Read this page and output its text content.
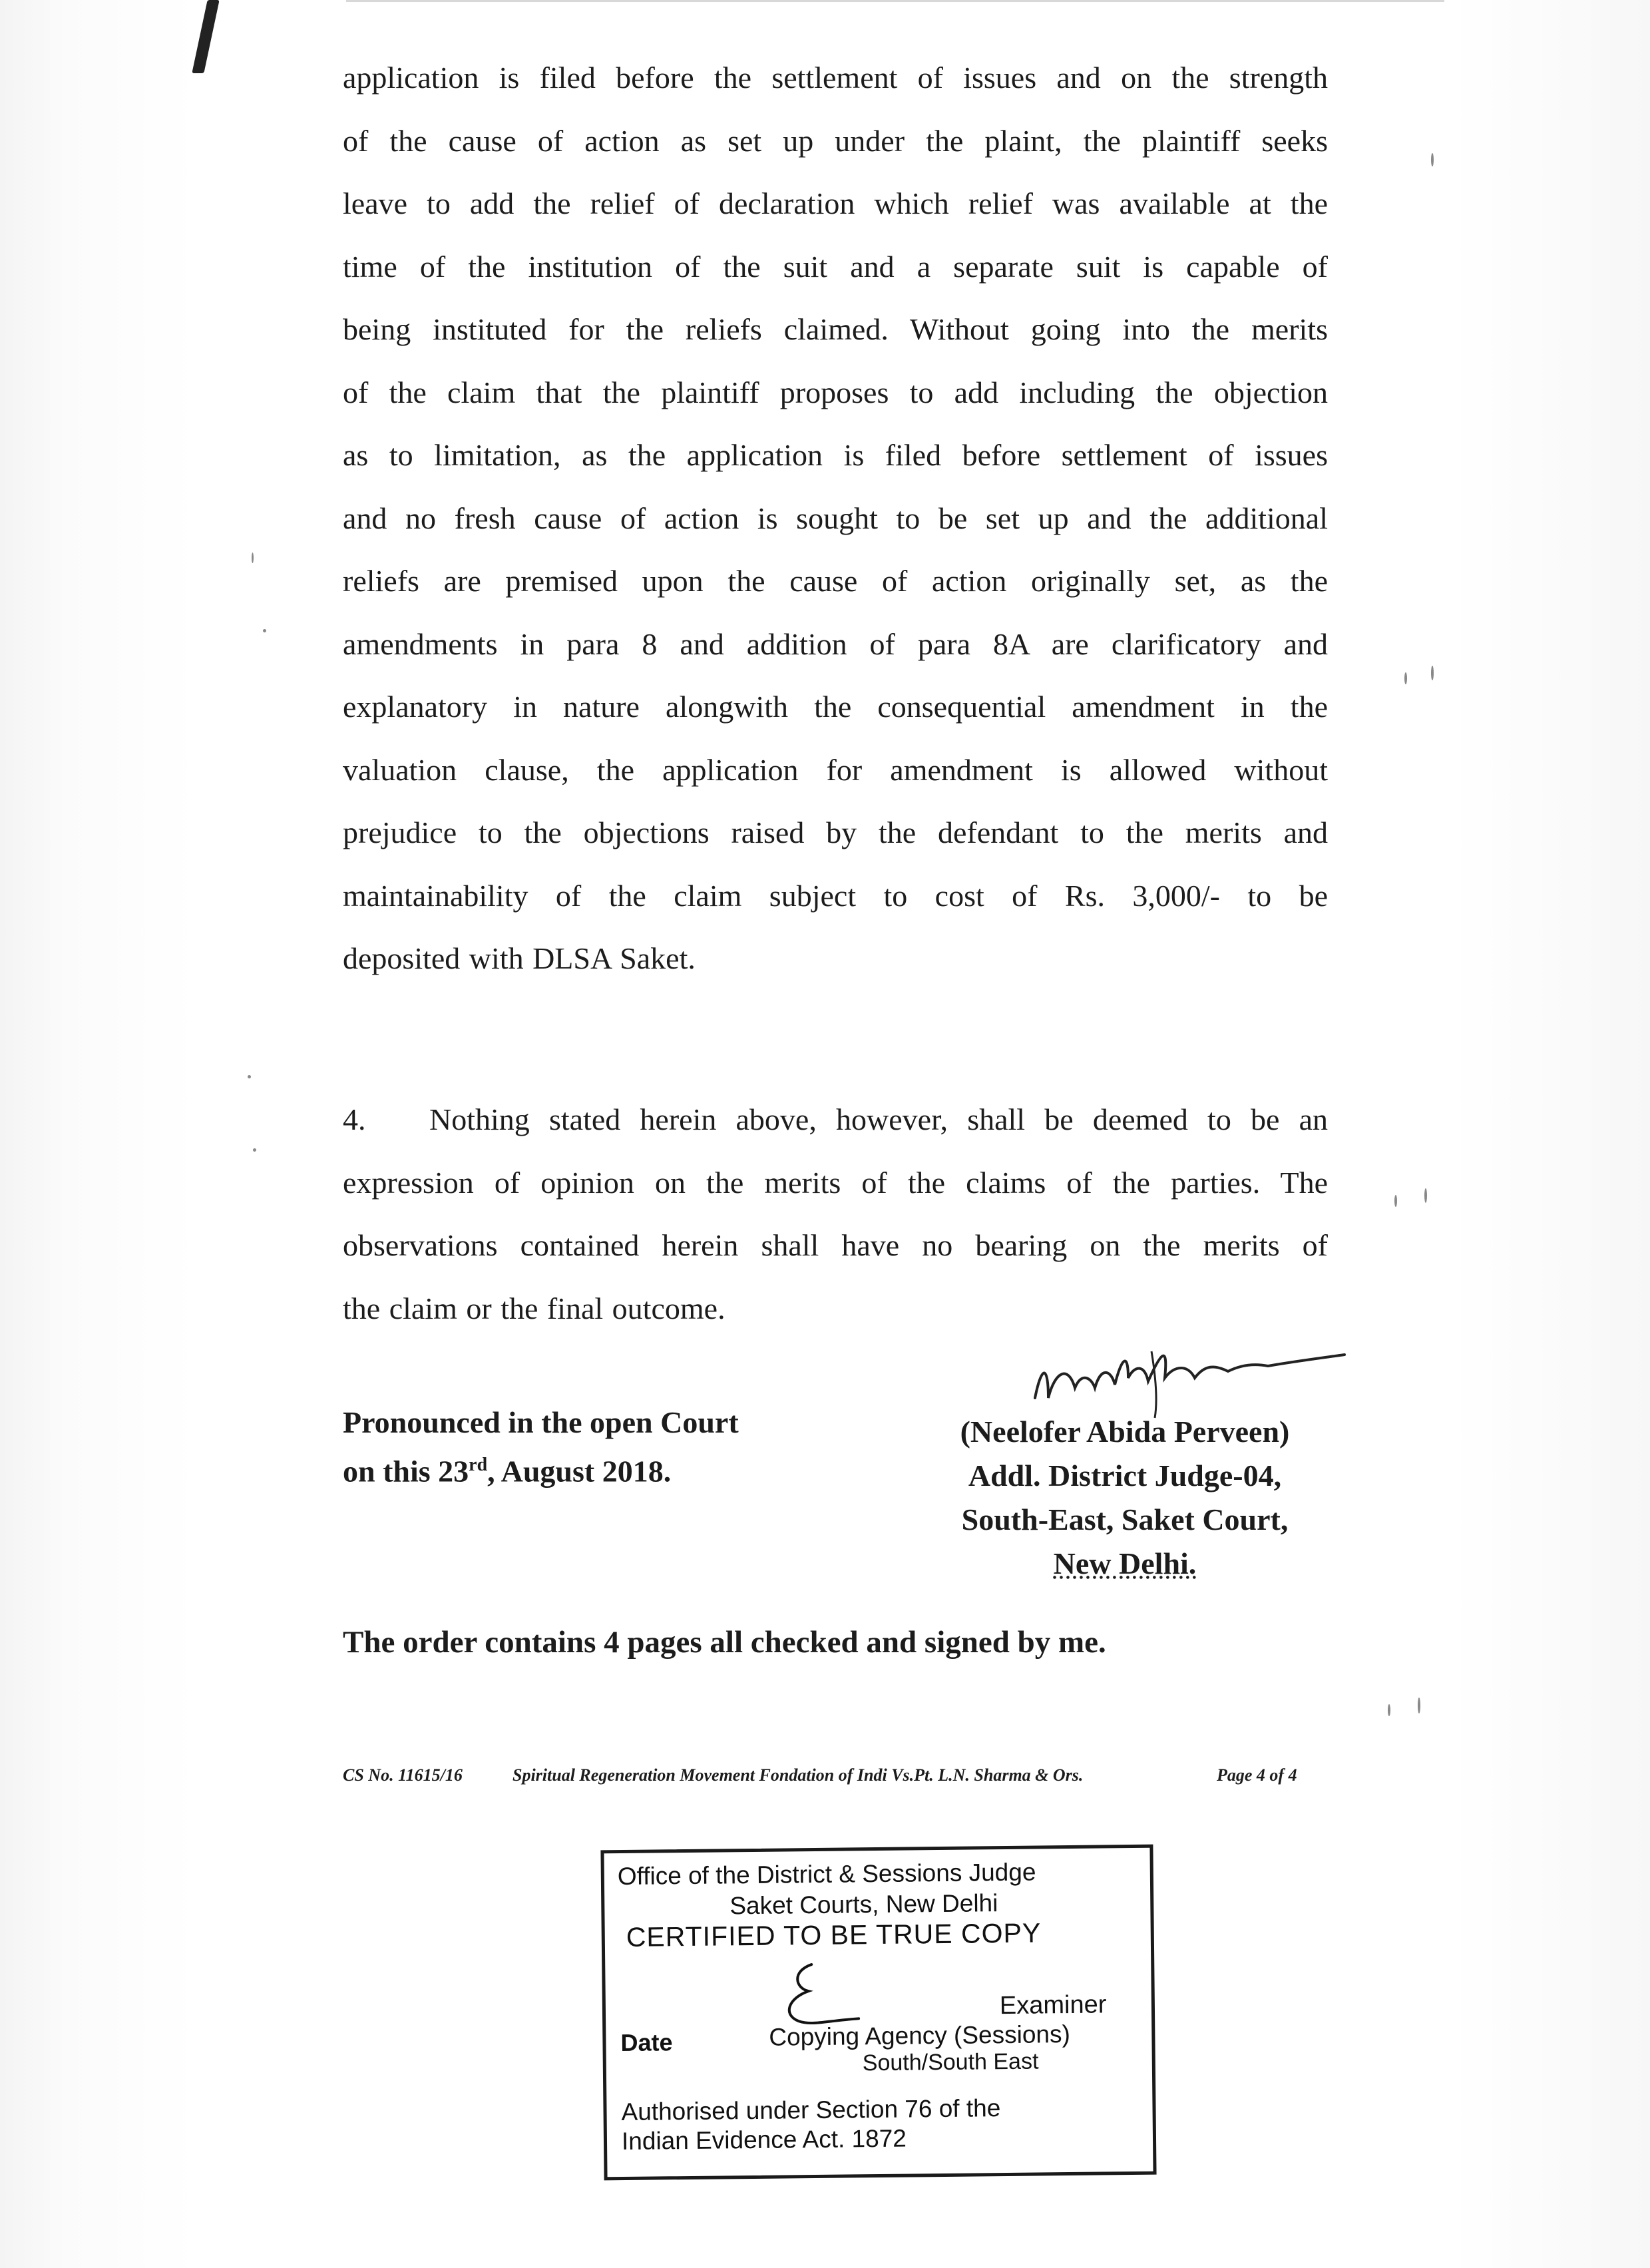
application is filed before the settlement of issues and on the strength
of the cause of action as set up under the plaint, the plaintiff seeks
leave to add the relief of declaration which relief was available at the
time of the institution of the suit and a separate suit is capable of
being instituted for the reliefs claimed. Without going into the merits
of the claim that the plaintiff proposes to add including the objection
as to limitation, as the application is filed before settlement of issues
and no fresh cause of action is sought to be set up and the additional
reliefs are premised upon the cause of action originally set, as the
amendments in para 8 and addition of para 8A are clarificatory and
explanatory in nature alongwith the consequential amendment in the
valuation clause, the application for amendment is allowed without
prejudice to the objections raised by the defendant to the merits and
maintainability of the claim subject to cost of Rs. 3,000/- to be
deposited with DLSA Saket.
4. Nothing stated herein above, however, shall be deemed to be an
expression of opinion on the merits of the claims of the parties. The
observations contained herein shall have no bearing on the merits of
the claim or the final outcome.
Pronounced in the open Court
on this 23rd, August 2018.
(Neelofer Abida Perveen)
Addl. District Judge-04,
South-East, Saket Court,
New Delhi.
The order contains 4 pages all checked and signed by me.
CS No. 11615/16	Spiritual Regeneration Movement Fondation of Indi Vs.Pt. L.N. Sharma & Ors.	Page 4 of 4
Office of the District & Sessions Judge
Saket Courts, New Delhi
CERTIFIED TO BE TRUE COPY
Examiner
Date	Copying Agency (Sessions)
South/South East
Authorised under Section 76 of the
Indian Evidence Act. 1872
